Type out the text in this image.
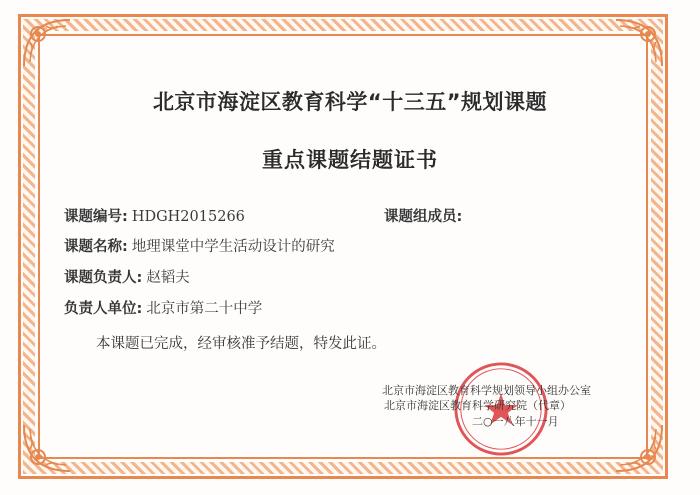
北京市海淀区教育科学“十三五”规划课题
重点课题结题证书
课题编号: HDGH2015266	课题组成员:
课题名称: 地理课堂中学生活动设计的研究
课题负责人: 赵韬夫
负责人单位: 北京市第二十中学
本课题已完成，经审核准予结题，特发此证。
北京市海淀区教育科学规划领导小组办公室
北京市海淀区教育科学研究院（代章）
二○一八年十一月
